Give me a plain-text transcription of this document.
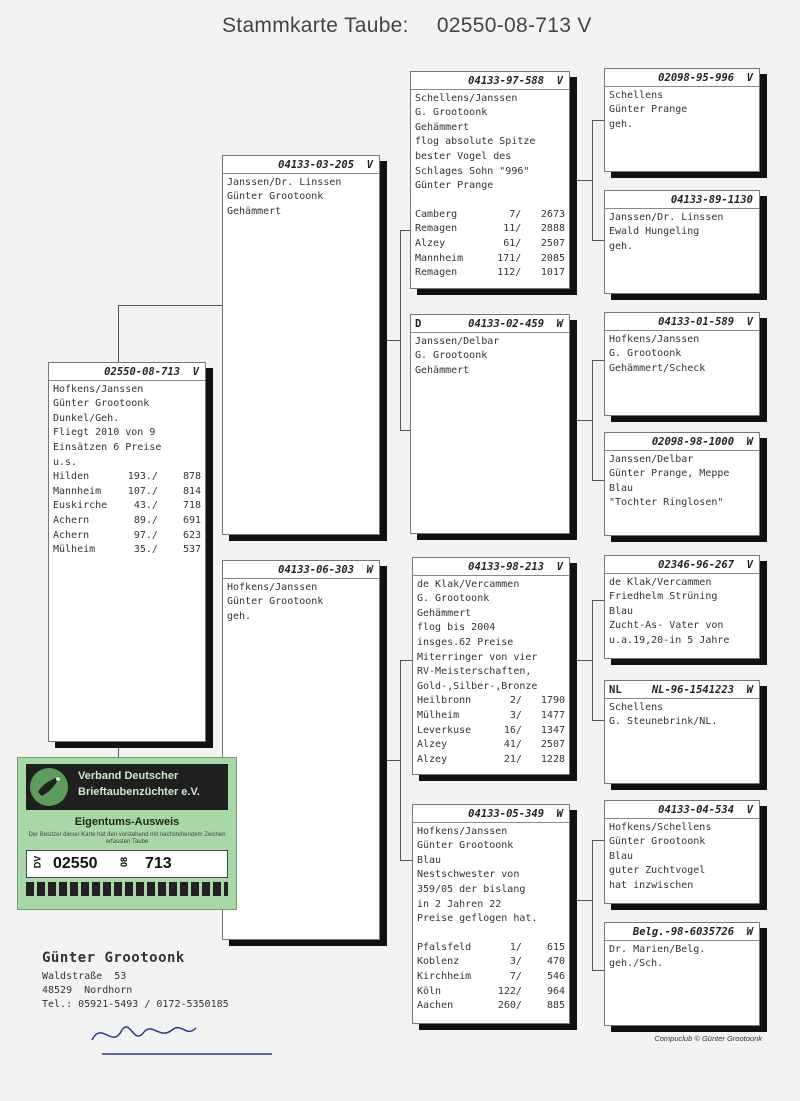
Stammkarte Taube: 02550-08-713 V
02550-08-713  V
Hofkens/Janssen
Günter Grootoonk
Dunkel/Geh.
Fliegt 2010 von 9
Einsätzen 6 Preise
u.s.
Hilden	193./	878
Mannheim	107./	814
Euskirche	43./	718
Achern	89./	691
Achern	97./	623
Mülheim	35./	537
04133-03-205  V
Janssen/Dr. Linssen
Günter Grootoonk
Gehämmert
04133-06-303  W
Hofkens/Janssen
Günter Grootoonk
geh.
04133-97-588  V
Schellens/Janssen
G. Grootoonk
Gehämmert
flog absolute Spitze
bester Vogel des
Schlages Sohn "996"
Günter Prange
Camberg	7/	2673
Remagen	11/	2888
Alzey	61/	2507
Mannheim	171/	2085
Remagen	112/	1017
D	04133-02-459  W
Janssen/Delbar
G. Grootoonk
Gehämmert
04133-98-213  V
de Klak/Vercammen
G. Grootoonk
Gehämmert
flog bis 2004
insges.62 Preise
Miterringer von vier
RV-Meisterschaften,
Gold-,Silber-,Bronze
Heilbronn	2/	1790
Mülheim	3/	1477
Leverkuse	16/	1347
Alzey	41/	2507
Alzey	21/	1228
04133-05-349  W
Hofkens/Janssen
Günter Grootoonk
Blau
Nestschwester von
359/05 der bislang
in 2 Jahren 22
Preise geflogen hat.
Pfalsfeld	1/	615
Koblenz	3/	470
Kirchheim	7/	546
Köln	122/	964
Aachen	260/	885
02098-95-996  V
Schellens
Günter Prange
geh.
04133-89-1130
Janssen/Dr. Linssen
Ewald Hungeling
geh.
04133-01-589  V
Hofkens/Janssen
G. Grootoonk
Gehämmert/Scheck
02098-98-1000  W
Janssen/Delbar
Günter Prange, Meppe
Blau
"Tochter Ringlosen"
02346-96-267  V
de Klak/Vercammen
Friedhelm Strüning
Blau
Zucht-As- Vater von
u.a.19,20-in 5 Jahre
NL	NL-96-1541223  W
Schellens
G. Steunebrink/NL.
04133-04-534  V
Hofkens/Schellens
Günter Grootoonk
Blau
guter Zuchtvogel
hat inzwischen
Belg.-98-6035726  W
Dr. Marien/Belg.
geh./Sch.
Verband Deutscher
Brieftaubenzüchter e.V.
Eigentums-Ausweis
Der Besitzer dieser Karte hat den vorstehend mit nachstehendem Zeichen erfassten Taube
DV 02550 08 713
Günter Grootoonk
Waldstraße  53
48529  Nordhorn
Tel.: 05921-5493 / 0172-5350185
Compuclub © Günter Grootoonk
